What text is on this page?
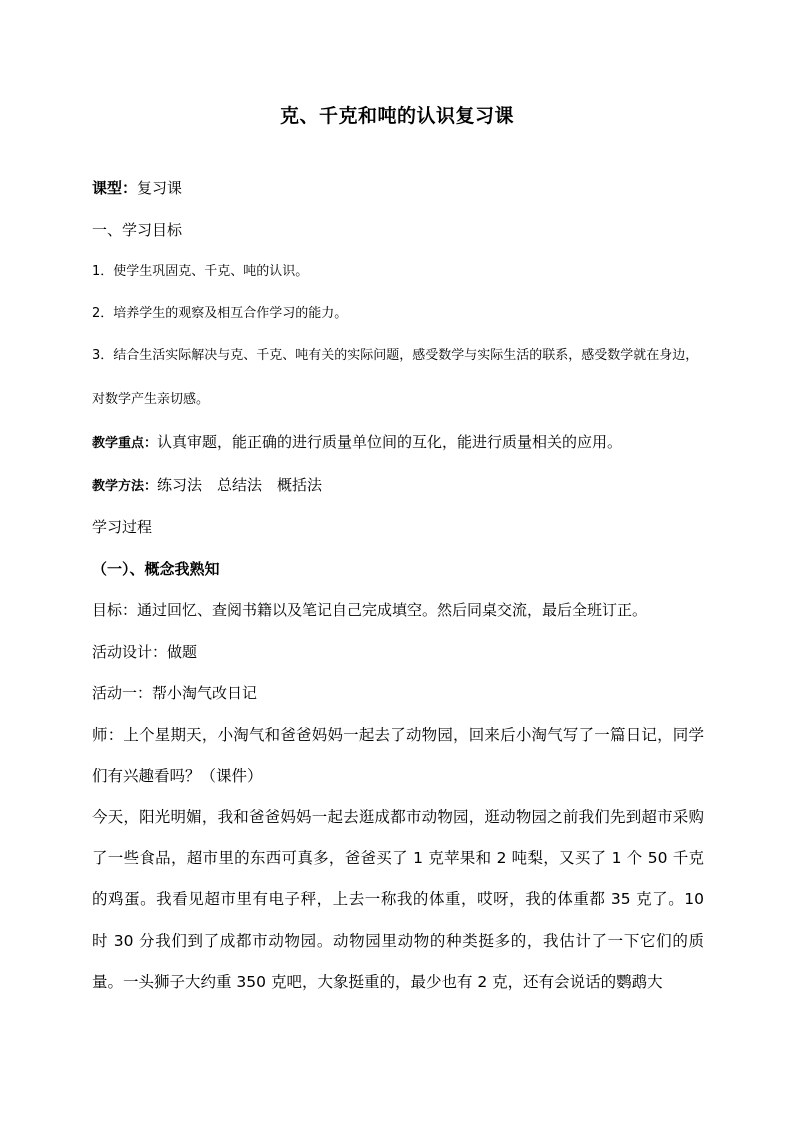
克、千克和吨的认识复习课
课型：复习课
一、学习目标
1．使学生巩固克、千克、吨的认识。
2．培养学生的观察及相互合作学习的能力。
3．结合生活实际解决与克、千克、吨有关的实际问题，感受数学与实际生活的联系，感受数学就在身边，对数学产生亲切感。
教学重点：认真审题，能正确的进行质量单位间的互化，能进行质量相关的应用。
教学方法：练习法　总结法　概括法
学习过程
（一）、概念我熟知
目标：通过回忆、查阅书籍以及笔记自己完成填空。然后同桌交流，最后全班订正。
活动设计：做题
活动一：帮小淘气改日记
师：上个星期天，小淘气和爸爸妈妈一起去了动物园，回来后小淘气写了一篇日记，同学们有兴趣看吗？（课件）
今天，阳光明媚，我和爸爸妈妈一起去逛成都市动物园，逛动物园之前我们先到超市采购了一些食品，超市里的东西可真多，爸爸买了 1 克苹果和 2 吨梨，又买了 1 个 50 千克的鸡蛋。我看见超市里有电子秤，上去一称我的体重，哎呀，我的体重都 35 克了。10 时 30 分我们到了成都市动物园。动物园里动物的种类挺多的，我估计了一下它们的质量。一头狮子大约重 350 克吧，大象挺重的，最少也有 2 克，还有会说话的鹦鹉大
